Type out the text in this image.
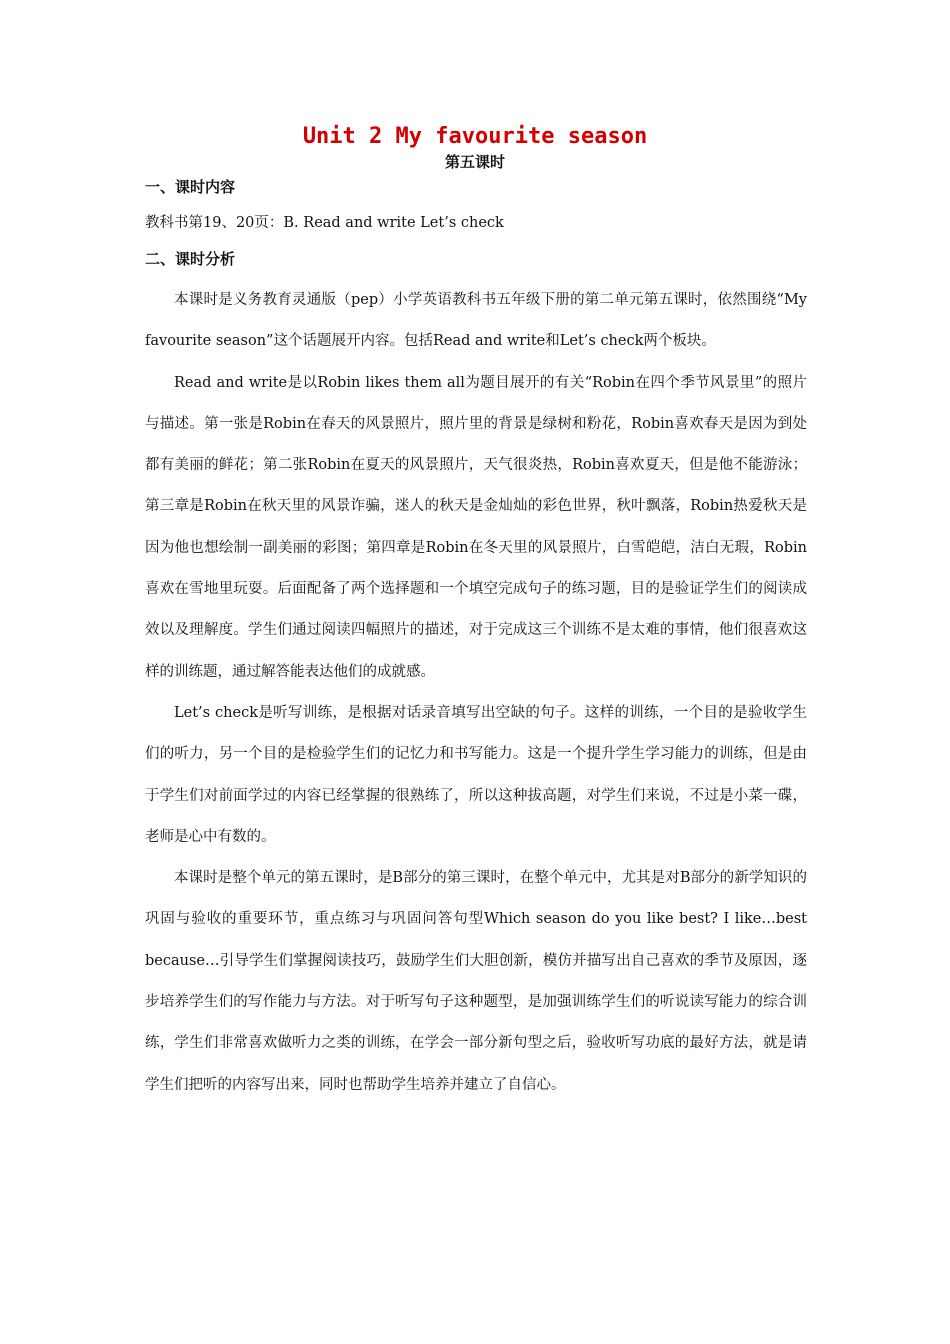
Unit 2 My favourite season
第五课时
一、课时内容
教科书第19、20页：B. Read and write Let’s check
二、课时分析

本课时是义务教育灵通版（pep）小学英语教科书五年级下册的第二单元第五课时，依然围绕“My favourite season”这个话题展开内容。包括Read and write和Let’s check两个板块。

Read and write是以Robin likes them all为题目展开的有关“Robin在四个季节风景里”的照片与描述。第一张是Robin在春天的风景照片，照片里的背景是绿树和粉花，Robin喜欢春天是因为到处都有美丽的鲜花；第二张Robin在夏天的风景照片，天气很炎热，Robin喜欢夏天，但是他不能游泳；第三章是Robin在秋天里的风景诈骗，迷人的秋天是金灿灿的彩色世界，秋叶飘落，Robin热爱秋天是因为他也想绘制一副美丽的彩图；第四章是Robin在冬天里的风景照片，白雪皑皑，洁白无瑕，Robin喜欢在雪地里玩耍。后面配备了两个选择题和一个填空完成句子的练习题，目的是验证学生们的阅读成效以及理解度。学生们通过阅读四幅照片的描述，对于完成这三个训练不是太难的事情，他们很喜欢这样的训练题，通过解答能表达他们的成就感。

Let’s check是听写训练，是根据对话录音填写出空缺的句子。这样的训练，一个目的是验收学生们的听力，另一个目的是检验学生们的记忆力和书写能力。这是一个提升学生学习能力的训练，但是由于学生们对前面学过的内容已经掌握的很熟练了，所以这种拔高题，对学生们来说，不过是小菜一碟，老师是心中有数的。

本课时是整个单元的第五课时，是B部分的第三课时，在整个单元中，尤其是对B部分的新学知识的巩固与验收的重要环节，重点练习与巩固问答句型Which season do you like best? I like…best because…引导学生们掌握阅读技巧，鼓励学生们大胆创新，模仿并描写出自己喜欢的季节及原因，逐步培养学生们的写作能力与方法。对于听写句子这种题型，是加强训练学生们的听说读写能力的综合训练，学生们非常喜欢做听力之类的训练，在学会一部分新句型之后，验收听写功底的最好方法，就是请学生们把听的内容写出来，同时也帮助学生培养并建立了自信心。
